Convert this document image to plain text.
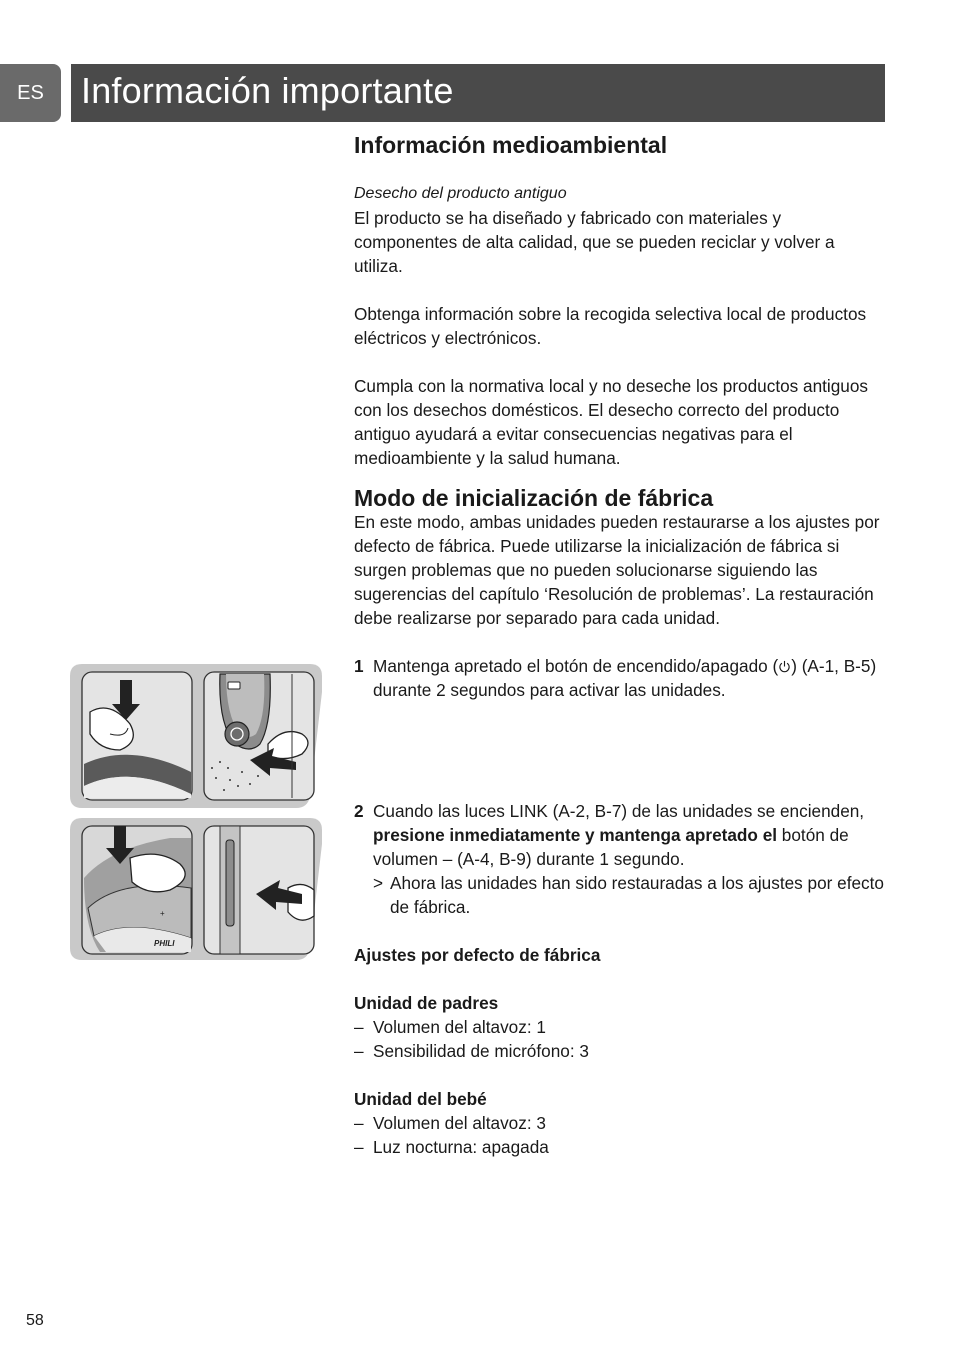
ES Información importante
+
PHILI
Información medioambiental

Desecho del producto antiguo

El producto se ha diseñado y fabricado con materiales y componentes de alta calidad, que se pueden reciclar y volver a utiliza.

Obtenga información sobre la recogida selectiva local de productos eléctricos y electrónicos.

Cumpla con la normativa local y no deseche los productos antiguos con los desechos domésticos. El desecho correcto del producto antiguo ayudará a evitar consecuencias negativas para el medioambiente y la salud humana.

Modo de inicialización de fábrica

En este modo, ambas unidades pueden restaurarse a los ajustes por defecto de fábrica. Puede utilizarse la inicialización de fábrica si surgen problemas que no pueden solucionarse siguiendo las sugerencias del capítulo ‘Resolución de problemas’. La restauración debe realizarse por separado para cada unidad.

1 Mantenga apretado el botón de encendido/apagado ( ) (A-1, B-5) durante 2 segundos para activar las unidades.
2 Cuando las luces LINK (A-2, B-7) de las unidades se encienden, presione inmediatamente y mantenga apretado el botón de volumen – (A-4, B-9) durante 1 segundo.
> Ahora las unidades han sido restauradas a los ajustes por efecto de fábrica.

Ajustes por defecto de fábrica

Unidad de padres

– Volumen del altavoz: 1
– Sensibilidad de micrófono: 3

Unidad del bebé

– Volumen del altavoz: 3
– Luz nocturna: apagada
58
